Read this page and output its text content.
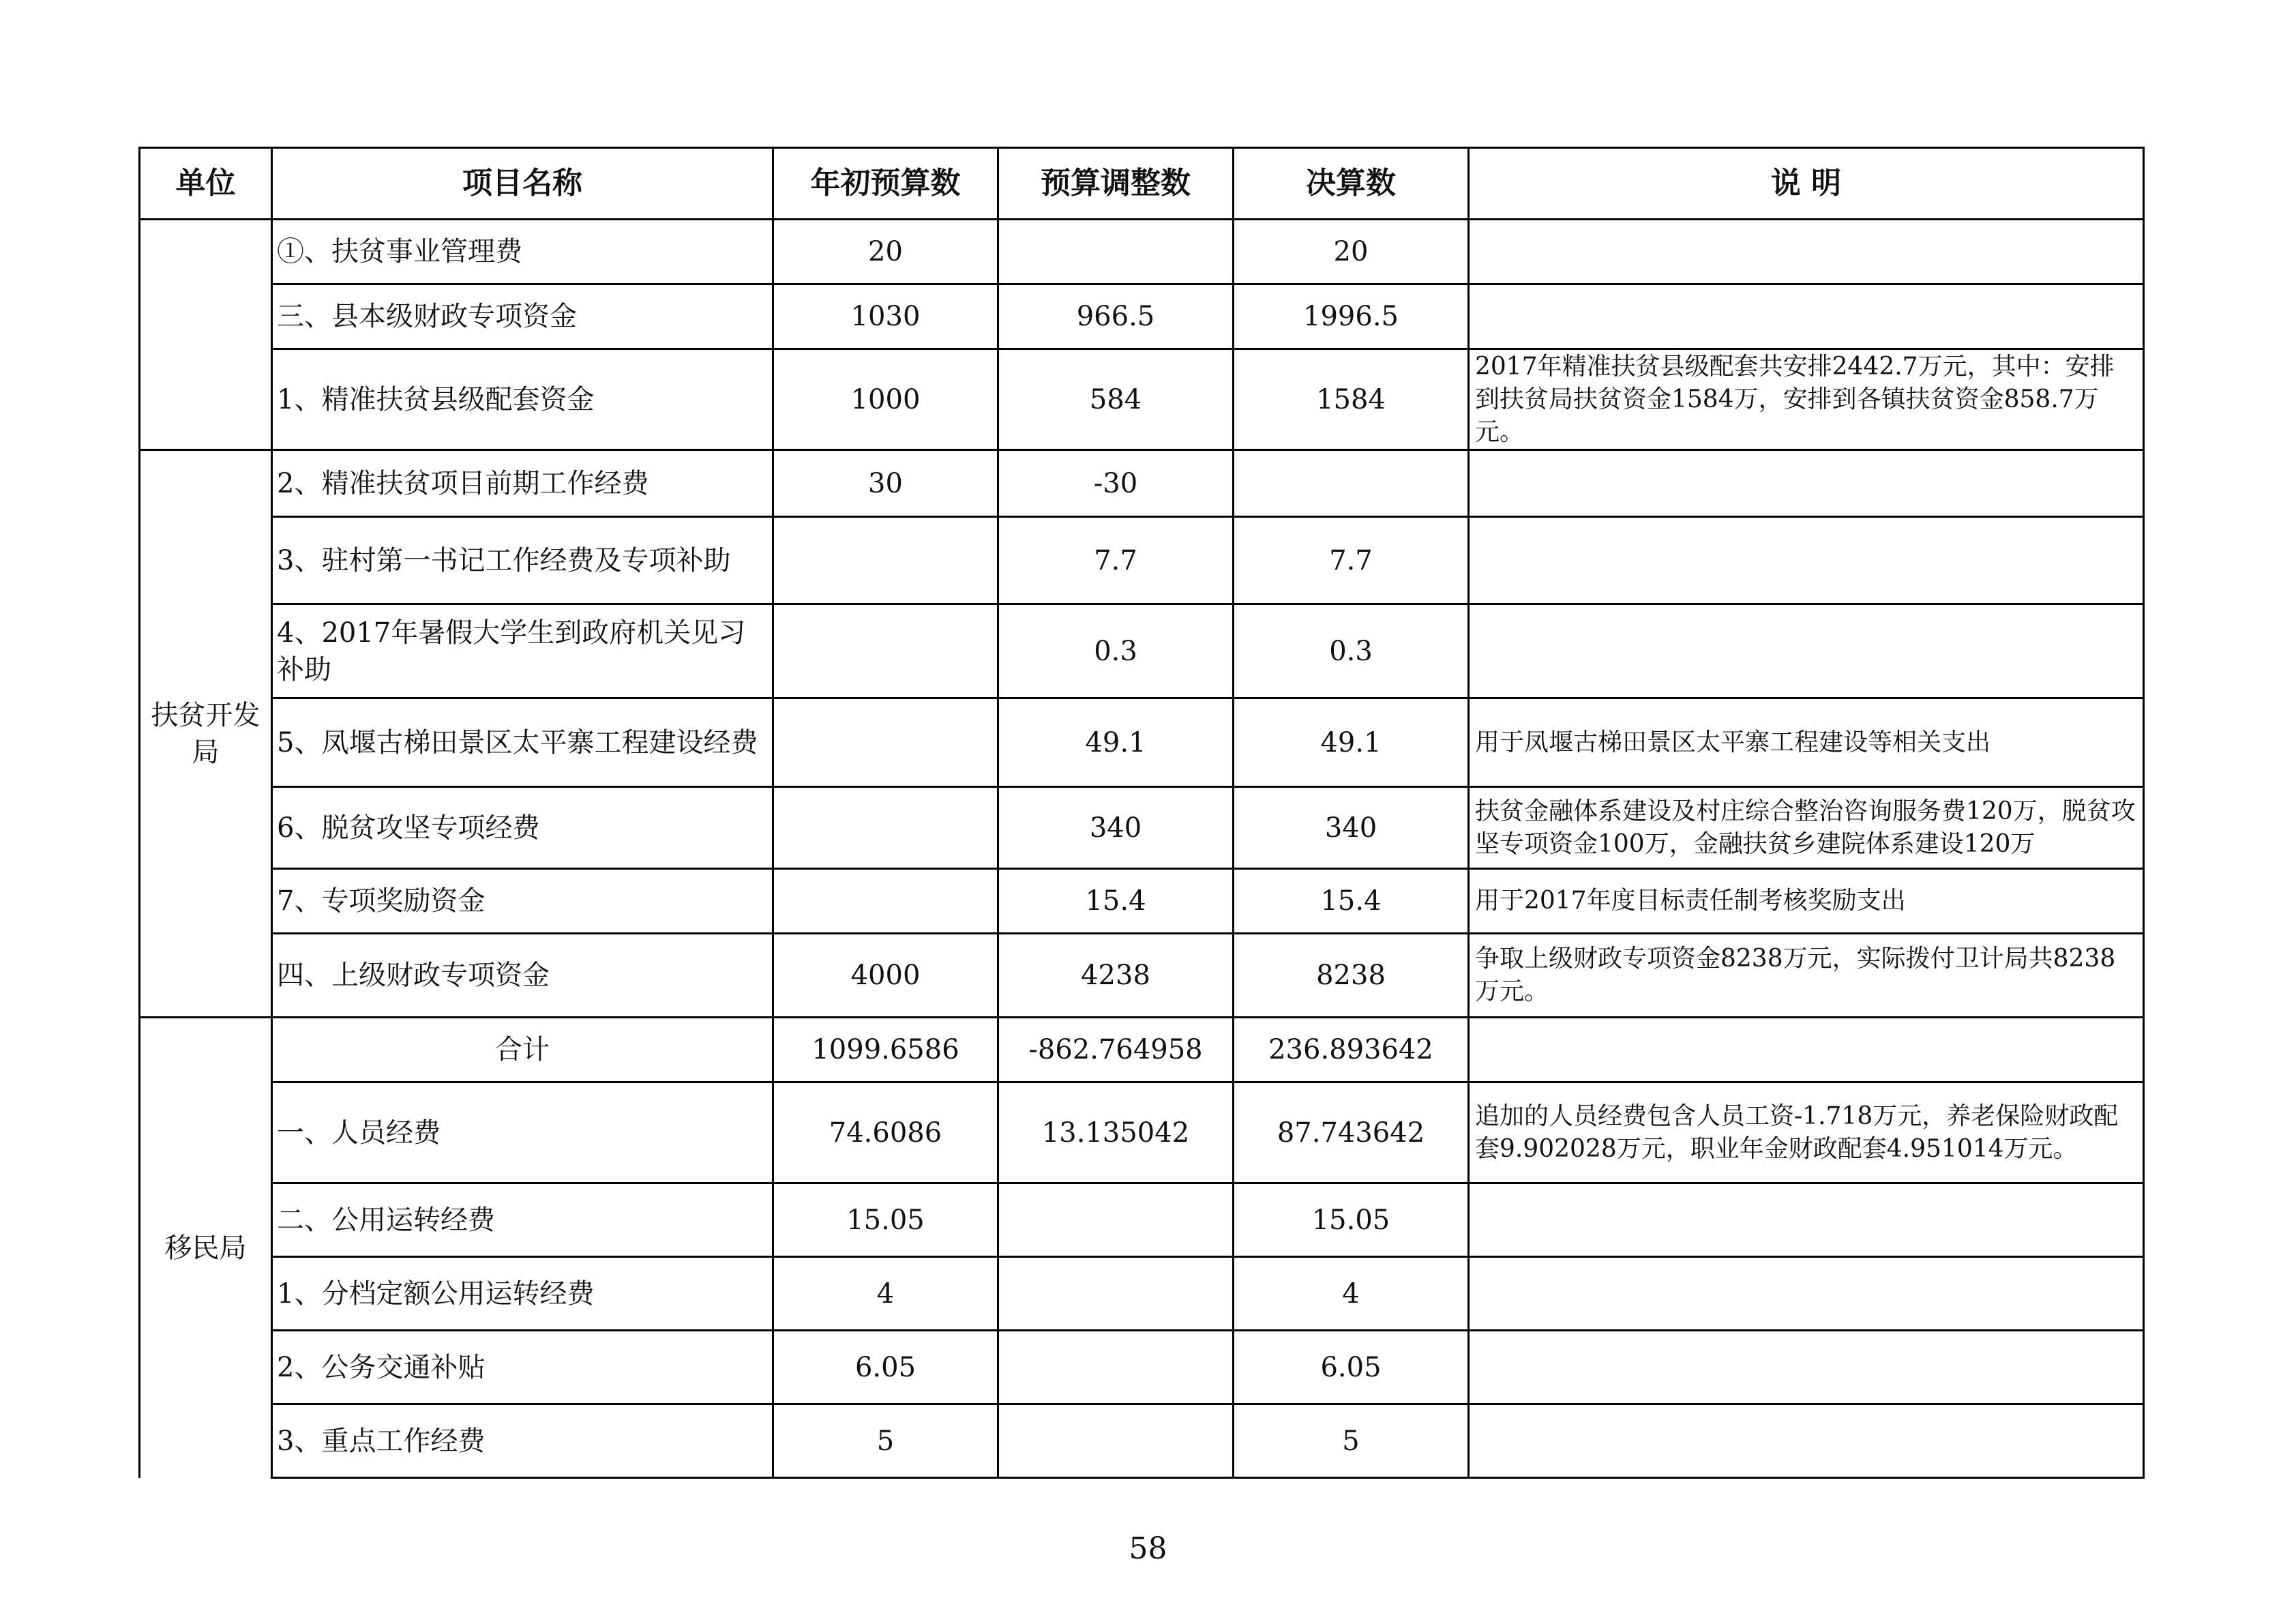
单位	项目名称	年初预算数	预算调整数	决算数	说 明
	①、扶贫事业管理费	20		20	
	三、县本级财政专项资金	1030	966.5	1996.5	
	1、精准扶贫县级配套资金	1000	584	1584	2017年精准扶贫县级配套共安排2442.7万元，其中：安排到扶贫局扶贫资金1584万，安排到各镇扶贫资金858.7万元。
扶贫开发局	2、精准扶贫项目前期工作经费	30	-30		
	3、驻村第一书记工作经费及专项补助		7.7	7.7	
	4、2017年暑假大学生到政府机关见习补助		0.3	0.3	
	5、凤堰古梯田景区太平寨工程建设经费		49.1	49.1	用于凤堰古梯田景区太平寨工程建设等相关支出
	6、脱贫攻坚专项经费		340	340	扶贫金融体系建设及村庄综合整治咨询服务费120万，脱贫攻坚专项资金100万，金融扶贫乡建院体系建设120万
	7、专项奖励资金		15.4	15.4	用于2017年度目标责任制考核奖励支出
	四、上级财政专项资金	4000	4238	8238	争取上级财政专项资金8238万元，实际拨付卫计局共8238万元。
移民局	合计	1099.6586	-862.764958	236.893642	
	一、人员经费	74.6086	13.135042	87.743642	追加的人员经费包含人员工资-1.718万元，养老保险财政配套9.902028万元，职业年金财政配套4.951014万元。
	二、公用运转经费	15.05		15.05	
	1、分档定额公用运转经费	4		4	
	2、公务交通补贴	6.05		6.05	
	3、重点工作经费	5		5	
58
